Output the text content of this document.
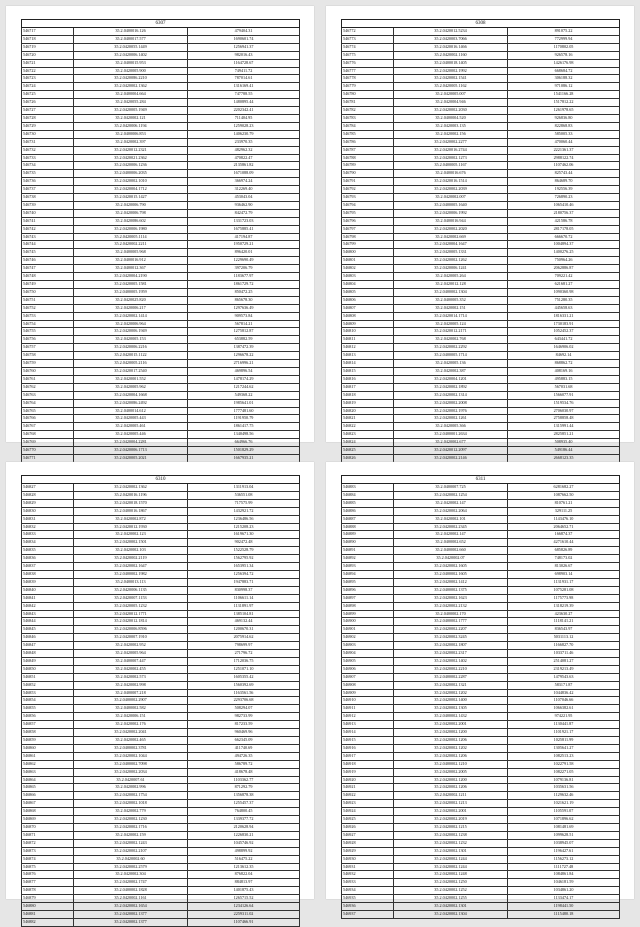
6307		
546717	35.2.0400016.126	479404.31
546718	35.2.0400017.577	1690601.74
546719	35.2.0420055.1449	1256941.37
546720	35.2.0420006.1402	982016.43
546721	35.2.0400015.953	1164728.67
546722	35.2.0420005.900	749411.72
546723	35.2.0420086.2210	787014.61
546724	35.2.0420002.1362	1316169.41
546725	35.2.0400004.664	747788.55
546726	35.2.0420055.284	1480895.44
546727	35.2.0420005.1949	2202342.41
546728	35.2.0420002.121	711404.95
546729	35.2.0420006.1194	1259028.23
546730	35.2.0400006.853	1406230.79
546731	35.2.0420002.397	233970.35
546732	35.2.0420012.2321	482962.32
546733	35.2.0420021.2362	470822.47
546734	35.2.0420006.1236	2135861.82
546735	35.2.0400006.2035	1671088.09
546736	35.2.0420002.1010	366974.24
546737	35.2.0420004.1712	312269.40
546738	35.2.0420015.1427	453043.04
546739	35.2.0420006.790	936462.90
546740	35.2.0420006.798	842472.79
546741	35.2.0420086.602	1331723.03
546742	35.2.0420006.1980	1675885.41
546743	35.2.0420005.1114	417194.87
546744	35.2.0420002.2211	1950729.21
546745	35.2.0400005.968	896420.01
546746	35.2.0400016.912	1229690.49
546747	35.2.0400012.367	397206.79
546748	35.2.0420004.2190	1183677.97
546749	35.2.0420005.1581	1861729.72
546750	35.2.0400005.1959	850472.25
546751	35.2.0420025.820	865678.30
546752	35.2.0420006.217	1297636.49
546753	35.2.0420002.1414	909573.84
546754	35.2.0420006.964	567814.21
546755	35.2.0420006.1949	1275812.87
546756	35.2.0420005.153	653882.59
546757	35.2.0420006.2216	1387472.39
546758	35.2.0420015.1122	1296678.22
546759	35.2.0420005.2116	2716996.21
546760	35.2.0420017.2540	469896.54
546761	35.2.0420001.552	1478174.29
546762	35.2.0420005.962	1217244.62
546763	35.2.0420004.1668	549368.22
546764	35.2.0420086.2492	1985641.01
546765	35.2.0400014.612	1777481.60
546766	35.2.0420005.443	1191950.79
546767	35.2.0420005.461	1861417.75
546768	35.2.0420005.446	1340498.56
546769	35.2.0420004.2281	664966.76
546770	35.2.0420006.1713	1501829.29
546771	35.2.0420005.2021	1667935.21
6308		
546772	35.2.0420012.5234	891075.22
546773	35.2.0420003.7066	772999.94
546774	35.2.0420016.1466	1170802.05
546775	35.2.0420002.1160	926578.16
546776	35.2.0400018.1405	1426176.98
546777	35.2.0420002.1992	668684.72
546778	35.2.0420002.1541	306188.32
546779	35.2.0420005.1162	971086.12
546780	35.2.0420005.007	1541166.28
546781	35.2.0420004.946	1517812.22
546782	35.2.0420002.2030	1261978.65
546783	35.2.0400004.520	926836.80
546784	35.2.0420003.135	822868.83
546785	35.2.0420002.156	585005.33
546786	35.2.0420002.2277	470060.44
546787	35.2.0420016.2744	2221361.37
546788	35.2.0420002.1273	2988122.74
546789	35.2.0400005.1167	1107462.06
546790	35.2.0400016.676	825743.44
546791	35.2.0420016.1514	864689.70
546792	35.2.0420002.2039	192556.39
546793	35.2.0420002.007	726890.23
546794	35.2.0400005.1640	1065410.46
546795	35.2.0420006.1992	2180756.37
546796	35.2.0400016.944	421586.78
546797	35.2.0420002.2020	2817178.05
546798	35.2.0420002.669	666670.72
546799	35.2.0420004.1647	1004894.37
546800	35.2.0420005.1331	1400276.25
546801	35.2.0420002.1262	750964.26
546802	35.2.0420006.1241	2062886.87
546803	35.2.0420005.264	709221.42
546804	35.2.0420012.128	621681.27
546805	35.2.0400002.1304	1090360.98
546806	35.2.0400005.352	751280.35
546807	35.2.0420002.151	445658.63
546808	35.2.0420014.1714	1816331.21
546809	35.2.0420005.124	1730183.91
546810	35.2.0420012.2171	1052452.37
546811	35.2.0420002.768	643441.72
546812	35.2.0420002.2292	1646906.02
546813	35.2.0400005.1714	84692.14
546814	35.2.0420005.136	868862.72
546815	35.2.0420002.387	408169.16
546816	35.2.0420004.1201	495883.15
546817	35.2.0420002.1892	567031.68
546818	35.2.0420002.1314	1566077.91
546819	35.2.0420002.2008	1519534.76
546820	35.2.0420002.1976	2706030.97
546821	35.2.0420002.1261	2758858.48
546822	35.2.0420005.366	1315991.44
546823	35.2.0400001.2634	2825851.21
546824	35.2.0420002.677	508935.40
546825	35.2.0420012.2097	549186.44
546826	35.2.0420002.2146	2668123.35
6310		
546827	35.2.0420002.1362	1311913.04
546828	35.2.0420016.1196	536551.08
546829	35.2.0420018.1570	717575.99
546830	35.2.0400016.1867	1432921.72
546831	35.2.0420002.872	1236486.56
546832	35.2.0420012.1930	1215208.23
546833	35.2.0420002.123	1619671.30
546834	35.2.0420002.1501	902472.48
546835	35.2.0420002.103	1522528.79
546836	35.2.0420002.2119	1562795.92
546837	35.2.0420002.1647	1653951.34
546838	35.2.0400002.1982	1256394.72
546839	35.2.0400013.113	1947883.71
546840	35.2.0420006.1135	830998.37
546841	35.2.0420007.1153	1106611.14
546842	35.2.0420005.1232	1131891.97
546843	35.2.0420012.1771	1385104.81
546844	35.2.0420012.1814	469132.44
546845	35.2.0420006.8596	1200670.31
546846	35.2.0420007.1910	2075914.62
546847	35.2.0420002.952	798699.97
546848	35.2.0420005.964	271796.72
546849	35.2.0400007.447	1712036.75
546850	35.2.0420002.455	1251071.10
546851	35.2.0420002.573	1605355.42
546852	35.2.0420002.998	1560392.69
546853	35.2.0400007.218	1163561.56
546854	35.2.0400002.2907	2293706.68
546855	35.2.0400002.582	508294.07
546856	35.2.0420006.151	982733.99
546857	35.2.0420002.176	817233.59
546858	35.2.0420002.2041	960469.96
546859	35.2.0420002.465	662345.09
546860	35.2.0400002.3781	411740.69
546861	35.2.0420002.1044	494726.35
546862	35.2.0400002.7098	586789.72
546863	35.2.0420002.2034	418678.48
546864	35.2.0420007.61	1103362.77
546865	35.2.0420002.996	871292.79
546866	35.2.0420002.1754	1356878.38
546867	35.2.0420002.1018	1255457.37
546868	35.2.0420002.779	764800.45
546869	35.2.0420002.1230	1339377.72
546870	35.2.0420002.1716	2120628.94
546871	35.2.0420002.159	1226830.21
546872	35.2.0420002.1243	1045746.92
546873	35.2.0420002.2107	498899.92
546874	35.2.0420002.60	516475.22
546875	35.2.0420002.2579	1213612.35
546876	35.2.0420002.304	876822.04
546877	35.2.0420002.1747	884813.97
546878	35.2.0400002.1828	1401875.43
546879	35.2.0420002.1161	1265715.52
546880	35.2.0420002.1654	1234126.64
546881	35.2.0420002.1377	2259311.02
546882	35.2.0420002.1377	1107466.91
6311		
546883	35.2.0400007.725	6281682.27
546884	35.2.0420002.1254	1087662.50
546885	35.2.0420002.147	810761.21
546886	35.2.0420002.2064	329111.25
546887	35.2.0420002.101	1143476.10
546888	35.2.0420002.2345	2064652.71
546889	35.2.0420002.147	166874.37
546890	35.2.0400002.652	4271610.44
546891	35.2.0400002.660	685826.89
546892	35.2.0420002.07	748173.02
546893	35.2.0420002.1605	813026.67
546894	35.2.0400002.1605	698903.14
546895	35.2.0420002.1412	1131931.17
546896	35.2.0400002.1375	1075281.08
546897	35.2.0420002.1623	1175773.98
546898	35.2.0420002.2132	1318219.39
546899	35.2.0400002.170	423630.27
546900	35.2.0400002.1777	1118141.21
546901	35.2.0420002.2207	836543.97
546902	35.2.0420002.3245	5031113.12
546903	35.2.0420002.1807	1166827.70
546904	35.2.0420002.2317	1033711.46
546905	35.2.0420002.1402	2514081.27
546906	35.2.0420002.2210	2319213.49
546907	35.2.0400002.2287	1479543.63
546908	35.2.0420002.1321	583171.87
546909	35.2.0420002.1202	1044836.42
546910	35.2.0420002.1400	1107046.66
546911	35.2.0420002.1305	1066382.61
546912	35.2.0400002.1432	974221.95
546913	35.2.0420002.2001	1130441.87
546914	35.2.0420002.1200	1101921.17
546915	35.2.0420002.1206	1025811.99
546916	35.2.0420002.1202	1305641.27
546917	35.2.0420002.1206	1082513.23
546918	35.2.0400002.1210	1022791.58
546919	35.2.0420002.2005	1082271.05
546920	35.2.0420002.1200	1079136.81
546921	35.2.0420002.1206	1035631.56
546922	35.2.0420002.1211	1129632.46
546923	35.2.0420002.1213	1021621.19
546924	35.2.0420002.2001	1105591.07
546925	35.2.0420002.2019	1071896.62
546926	35.2.0420002.1215	1081481.69
546927	35.2.0420002.1238	1099628.51
546928	35.2.0420002.1232	1038945.07
546929	35.2.0420002.1301	1196427.61
546930	35.2.0420002.1244	1156273.12
546931	35.2.0420002.1244	1111727.48
546932	35.2.0420002.1248	1084861.84
546933	35.2.0420002.1250	1046181.59
546934	35.2.0420002.1252	1034861.20
546935	35.2.0420002.1255	1133474.17
546936	35.2.0420002.1301	1198441.50
546937	35.2.0420002.1304	1115480.18
